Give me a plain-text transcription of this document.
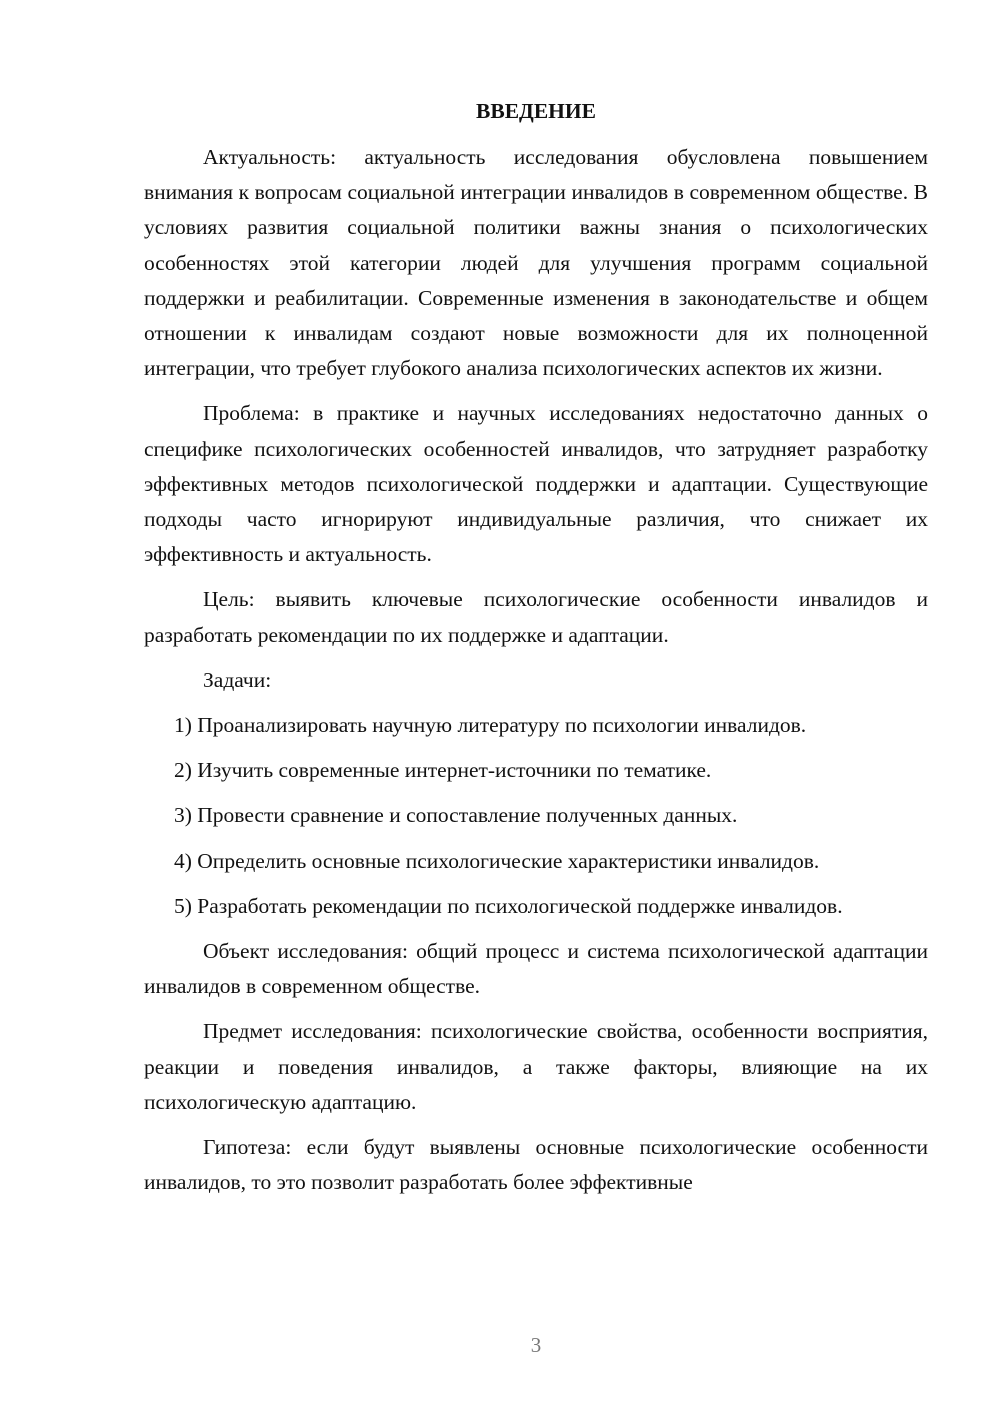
ВВЕДЕНИЕ

Актуальность: актуальность исследования обусловлена повышением внимания к вопросам социальной интеграции инвалидов в современном обществе. В условиях развития социальной политики важны знания о психологических особенностях этой категории людей для улучшения программ социальной поддержки и реабилитации. Современные изменения в законодательстве и общем отношении к инвалидам создают новые возможности для их полноценной интеграции, что требует глубокого анализа психологических аспектов их жизни.

Проблема: в практике и научных исследованиях недостаточно данных о специфике психологических особенностей инвалидов, что затрудняет разработку эффективных методов психологической поддержки и адаптации. Существующие подходы часто игнорируют индивидуальные различия, что снижает их эффективность и актуальность.

Цель: выявить ключевые психологические особенности инвалидов и разработать рекомендации по их поддержке и адаптации.

Задачи:

1) Проанализировать научную литературу по психологии инвалидов.

2) Изучить современные интернет-источники по тематике.

3) Провести сравнение и сопоставление полученных данных.

4) Определить основные психологические характеристики инвалидов.

5) Разработать рекомендации по психологической поддержке инвалидов.

Объект исследования: общий процесс и система психологической адаптации инвалидов в современном обществе.

Предмет исследования: психологические свойства, особенности восприятия, реакции и поведения инвалидов, а также факторы, влияющие на их психологическую адаптацию.

Гипотеза: если будут выявлены основные психологические особенности инвалидов, то это позволит разработать более эффективные

3
